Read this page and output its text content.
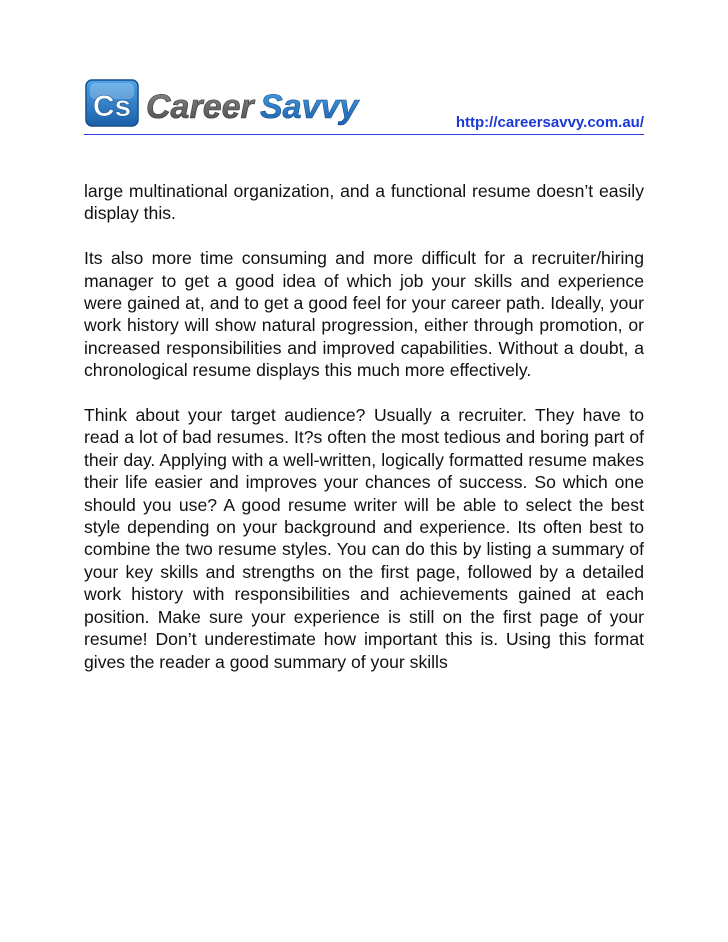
Cs Career Savvy	http://careersavvy.com.au/

large multinational organization, and a functional resume doesn’t easily display this.

Its also more time consuming and more difficult for a recruiter/hiring manager to get a good idea of which job your skills and experience were gained at, and to get a good feel for your career path. Ideally, your work history will show natural progression, either through promotion, or increased responsibilities and improved capabilities. Without a doubt, a chronological resume displays this much more effectively.

Think about your target audience? Usually a recruiter. They have to read a lot of bad resumes. It?s often the most tedious and boring part of their day. Applying with a well-written, logically formatted resume makes their life easier and improves your chances of success. So which one should you use? A good resume writer will be able to select the best style depending on your background and experience. Its often best to combine the two resume styles. You can do this by listing a summary of your key skills and strengths on the first page, followed by a detailed work history with responsibilities and achievements gained at each position. Make sure your experience is still on the first page of your resume! Don’t underestimate how important this is. Using this format gives the reader a good summary of your skills
